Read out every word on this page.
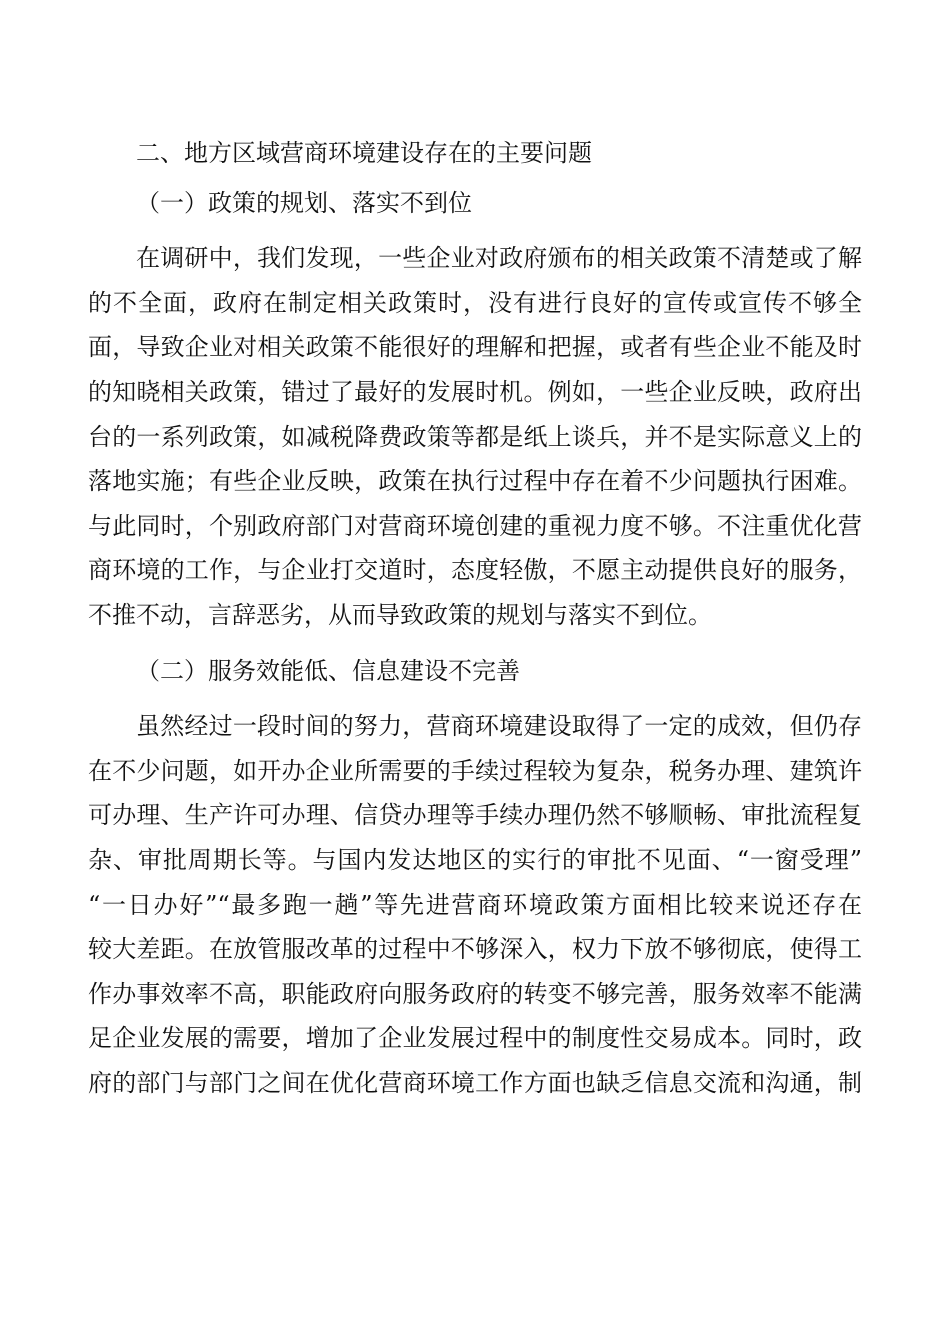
二、地方区域营商环境建设存在的主要问题
（一）政策的规划、落实不到位
在调研中，我们发现，一些企业对政府颁布的相关政策不清楚或了解
的不全面，政府在制定相关政策时，没有进行良好的宣传或宣传不够全
面，导致企业对相关政策不能很好的理解和把握，或者有些企业不能及时
的知晓相关政策，错过了最好的发展时机。例如，一些企业反映，政府出
台的一系列政策，如减税降费政策等都是纸上谈兵，并不是实际意义上的
落地实施；有些企业反映，政策在执行过程中存在着不少问题执行困难。
与此同时，个别政府部门对营商环境创建的重视力度不够。不注重优化营
商环境的工作，与企业打交道时，态度轻傲，不愿主动提供良好的服务，
不推不动，言辞恶劣，从而导致政策的规划与落实不到位。
（二）服务效能低、信息建设不完善
虽然经过一段时间的努力，营商环境建设取得了一定的成效，但仍存
在不少问题，如开办企业所需要的手续过程较为复杂，税务办理、建筑许
可办理、生产许可办理、信贷办理等手续办理仍然不够顺畅、审批流程复
杂、审批周期长等。与国内发达地区的实行的审批不见面、“一窗受理”
“一日办好”“最多跑一趟”等先进营商环境政策方面相比较来说还存在
较大差距。在放管服改革的过程中不够深入，权力下放不够彻底，使得工
作办事效率不高，职能政府向服务政府的转变不够完善，服务效率不能满
足企业发展的需要，增加了企业发展过程中的制度性交易成本。同时，政
府的部门与部门之间在优化营商环境工作方面也缺乏信息交流和沟通，制
